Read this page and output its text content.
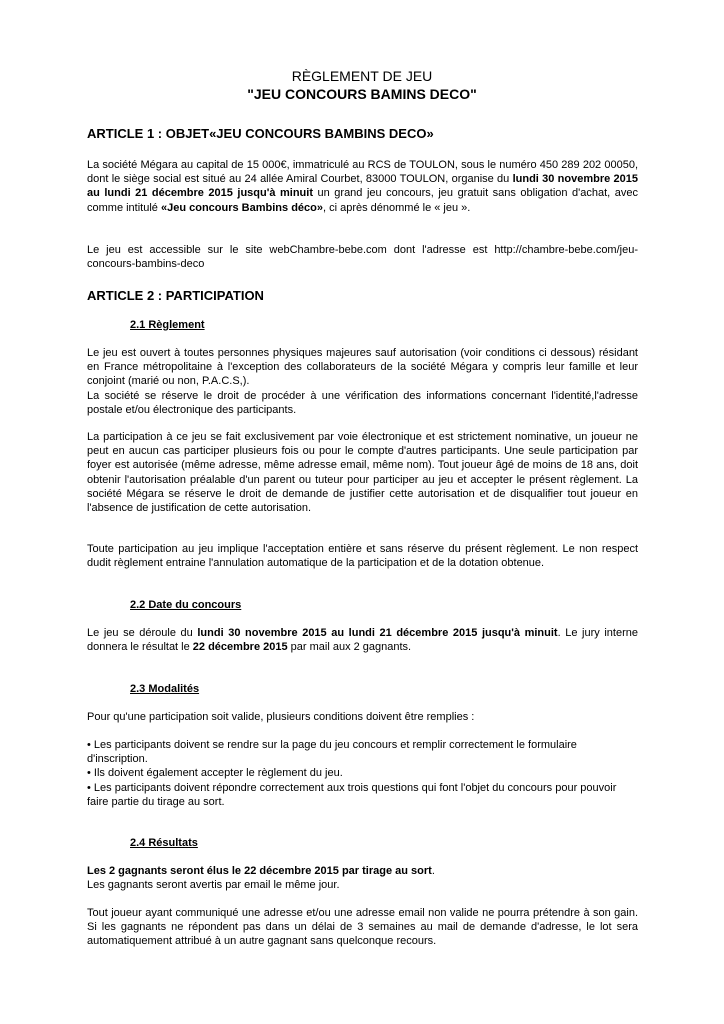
RÈGLEMENT DE JEU
"JEU CONCOURS BAMINS DECO"
ARTICLE 1 : OBJET«JEU CONCOURS BAMBINS DECO»
La société Mégara au capital de 15 000€, immatriculé au RCS de TOULON, sous le numéro 450 289 202 00050, dont le siège social est situé au 24 allée Amiral Courbet, 83000 TOULON, organise du lundi 30 novembre 2015 au lundi 21 décembre 2015 jusqu'à minuit un grand jeu concours, jeu gratuit sans obligation d'achat, avec comme intitulé «Jeu concours Bambins déco», ci après dénommé le « jeu ».
Le jeu est accessible sur le site webChambre-bebe.com dont l'adresse est http://chambre-bebe.com/jeu-concours-bambins-deco
ARTICLE 2 : PARTICIPATION
2.1 Règlement

Le jeu est ouvert à toutes personnes physiques majeures sauf autorisation (voir conditions ci dessous) résidant en France métropolitaine à l'exception des collaborateurs de la société Mégara y compris leur famille et leur conjoint (marié ou non, P.A.C.S,).

La société se réserve le droit de procéder à une vérification des informations concernant l'identité,l'adresse postale et/ou électronique des participants.

La participation à ce jeu se fait exclusivement par voie électronique et est strictement nominative, un joueur ne peut en aucun cas participer plusieurs fois ou pour le compte d'autres participants. Une seule participation par foyer est autorisée (même adresse, même adresse email, même nom). Tout joueur âgé de moins de 18 ans, doit obtenir l'autorisation préalable d'un parent ou tuteur pour participer au jeu et accepter le présent règlement. La société Mégara se réserve le droit de demande de justifier cette autorisation et de disqualifier tout joueur en l'absence de justification de cette autorisation.
Toute participation au jeu implique l'acceptation entière et sans réserve du présent règlement. Le non respect dudit règlement entraine l'annulation automatique de la participation et de la dotation obtenue.
2.2 Date du concours
Le jeu se déroule du lundi 30 novembre 2015 au lundi 21 décembre 2015 jusqu'à minuit. Le jury interne donnera le résultat le 22 décembre 2015 par mail aux 2 gagnants.
2.3 Modalités
Pour qu'une participation soit valide, plusieurs conditions doivent être remplies :

• Les participants doivent se rendre sur la page du jeu concours et remplir correctement le formulaire d'inscription.

• Ils doivent également accepter le règlement du jeu.

• Les participants doivent répondre correctement aux trois questions qui font l'objet du concours pour pouvoir faire partie du tirage au sort.

2.4 Résultats
Les 2 gagnants seront élus le 22 décembre 2015 par tirage au sort.
Les gagnants seront avertis par email le même jour.
Tout joueur ayant communiqué une adresse et/ou une adresse email non valide ne pourra prétendre à son gain. Si les gagnants ne répondent pas dans un délai de 3 semaines au mail de demande d'adresse, le lot sera automatiquement attribué à un autre gagnant sans quelconque recours.
